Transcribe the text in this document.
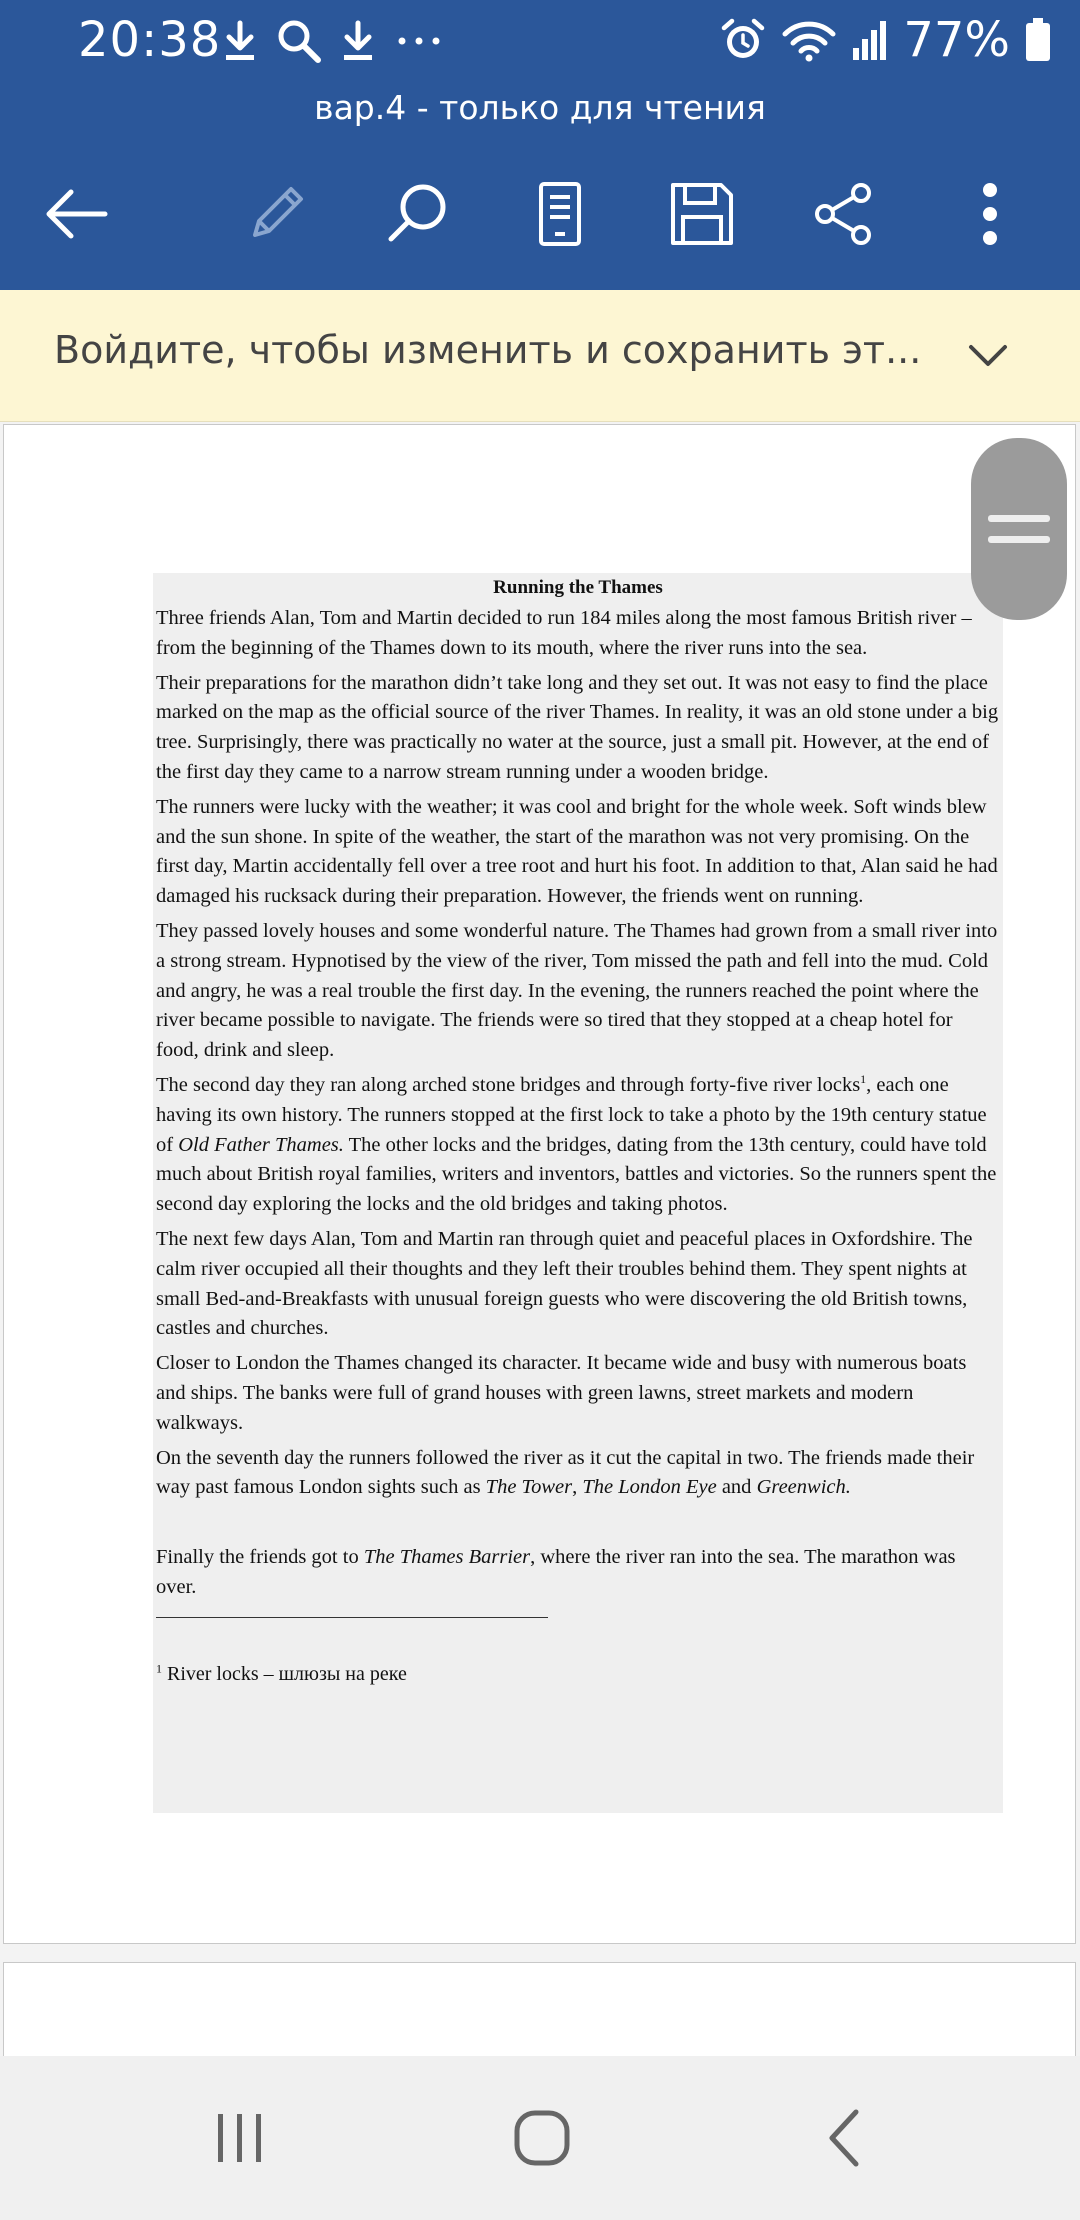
20:38	77%
вар.4 - только для чтения
Войдите, чтобы изменить и сохранить эт...
Running the Thames

Three friends Alan, Tom and Martin decided to run 184 miles along the most famous British river – from the beginning of the Thames down to its mouth, where the river runs into the sea.

Their preparations for the marathon didn’t take long and they set out. It was not easy to find the place marked on the map as the official source of the river Thames. In reality, it was an old stone under a big tree. Surprisingly, there was practically no water at the source, just a small pit. However, at the end of the first day they came to a narrow stream running under a wooden bridge.

The runners were lucky with the weather; it was cool and bright for the whole week. Soft winds blew and the sun shone. In spite of the weather, the start of the marathon was not very promising. On the first day, Martin accidentally fell over a tree root and hurt his foot. In addition to that, Alan said he had damaged his rucksack during their preparation. However, the friends went on running.

They passed lovely houses and some wonderful nature. The Thames had grown from a small river into a strong stream. Hypnotised by the view of the river, Tom missed the path and fell into the mud. Cold and angry, he was a real trouble the first day. In the evening, the runners reached the point where the river became possible to navigate. The friends were so tired that they stopped at a cheap hotel for food, drink and sleep.

The second day they ran along arched stone bridges and through forty-five river locks$^1$, each one having its own history. The runners stopped at the first lock to take a photo by the 19th century statue of Old Father Thames. The other locks and the bridges, dating from the 13th century, could have told much about British royal families, writers and inventors, battles and victories. So the runners spent the second day exploring the locks and the old bridges and taking photos.

The next few days Alan, Tom and Martin ran through quiet and peaceful places in Oxfordshire. The calm river occupied all their thoughts and they left their troubles behind them. They spent nights at small Bed-and-Breakfasts with unusual foreign guests who were discovering the old British towns, castles and churches.

Closer to London the Thames changed its character. It became wide and busy with numerous boats and ships. The banks were full of grand houses with green lawns, street markets and modern walkways.

On the seventh day the runners followed the river as it cut the capital in two. The friends made their way past famous London sights such as The Tower, The London Eye and Greenwich.

Finally the friends got to The Thames Barrier, where the river ran into the sea. The marathon was over.

$^1$ River locks – шлюзы на реке
